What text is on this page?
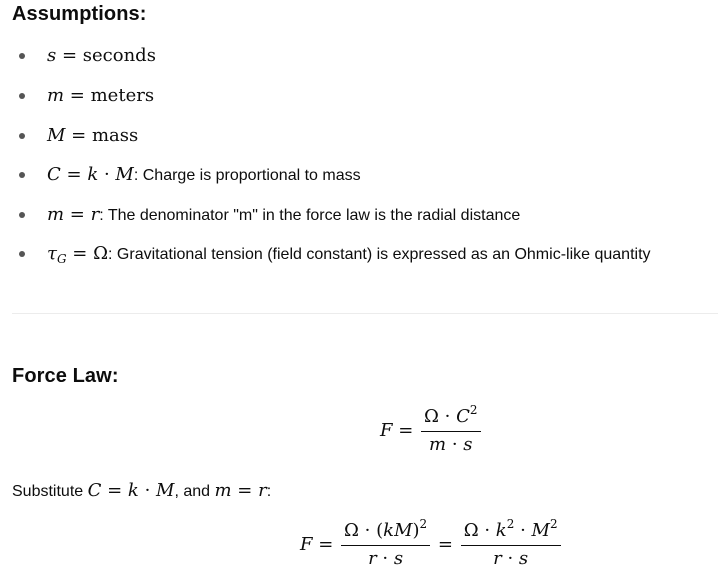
Assumptions:
s = seconds
m = meters
M = mass
C = k · M: Charge is proportional to mass
m = r: The denominator "m" in the force law is the radial distance
$\tau_G = \Omega$: Gravitational tension (field constant) is expressed as an Ohmic-like quantity
Force Law:
$F = \frac{\Omega \cdot C^2}{m \cdot s}$
Substitute C = k · M, and m = r:
$F = \frac{\Omega \cdot (kM)^2}{r \cdot s} = \frac{\Omega \cdot k^2 \cdot M^2}{r \cdot s}$
